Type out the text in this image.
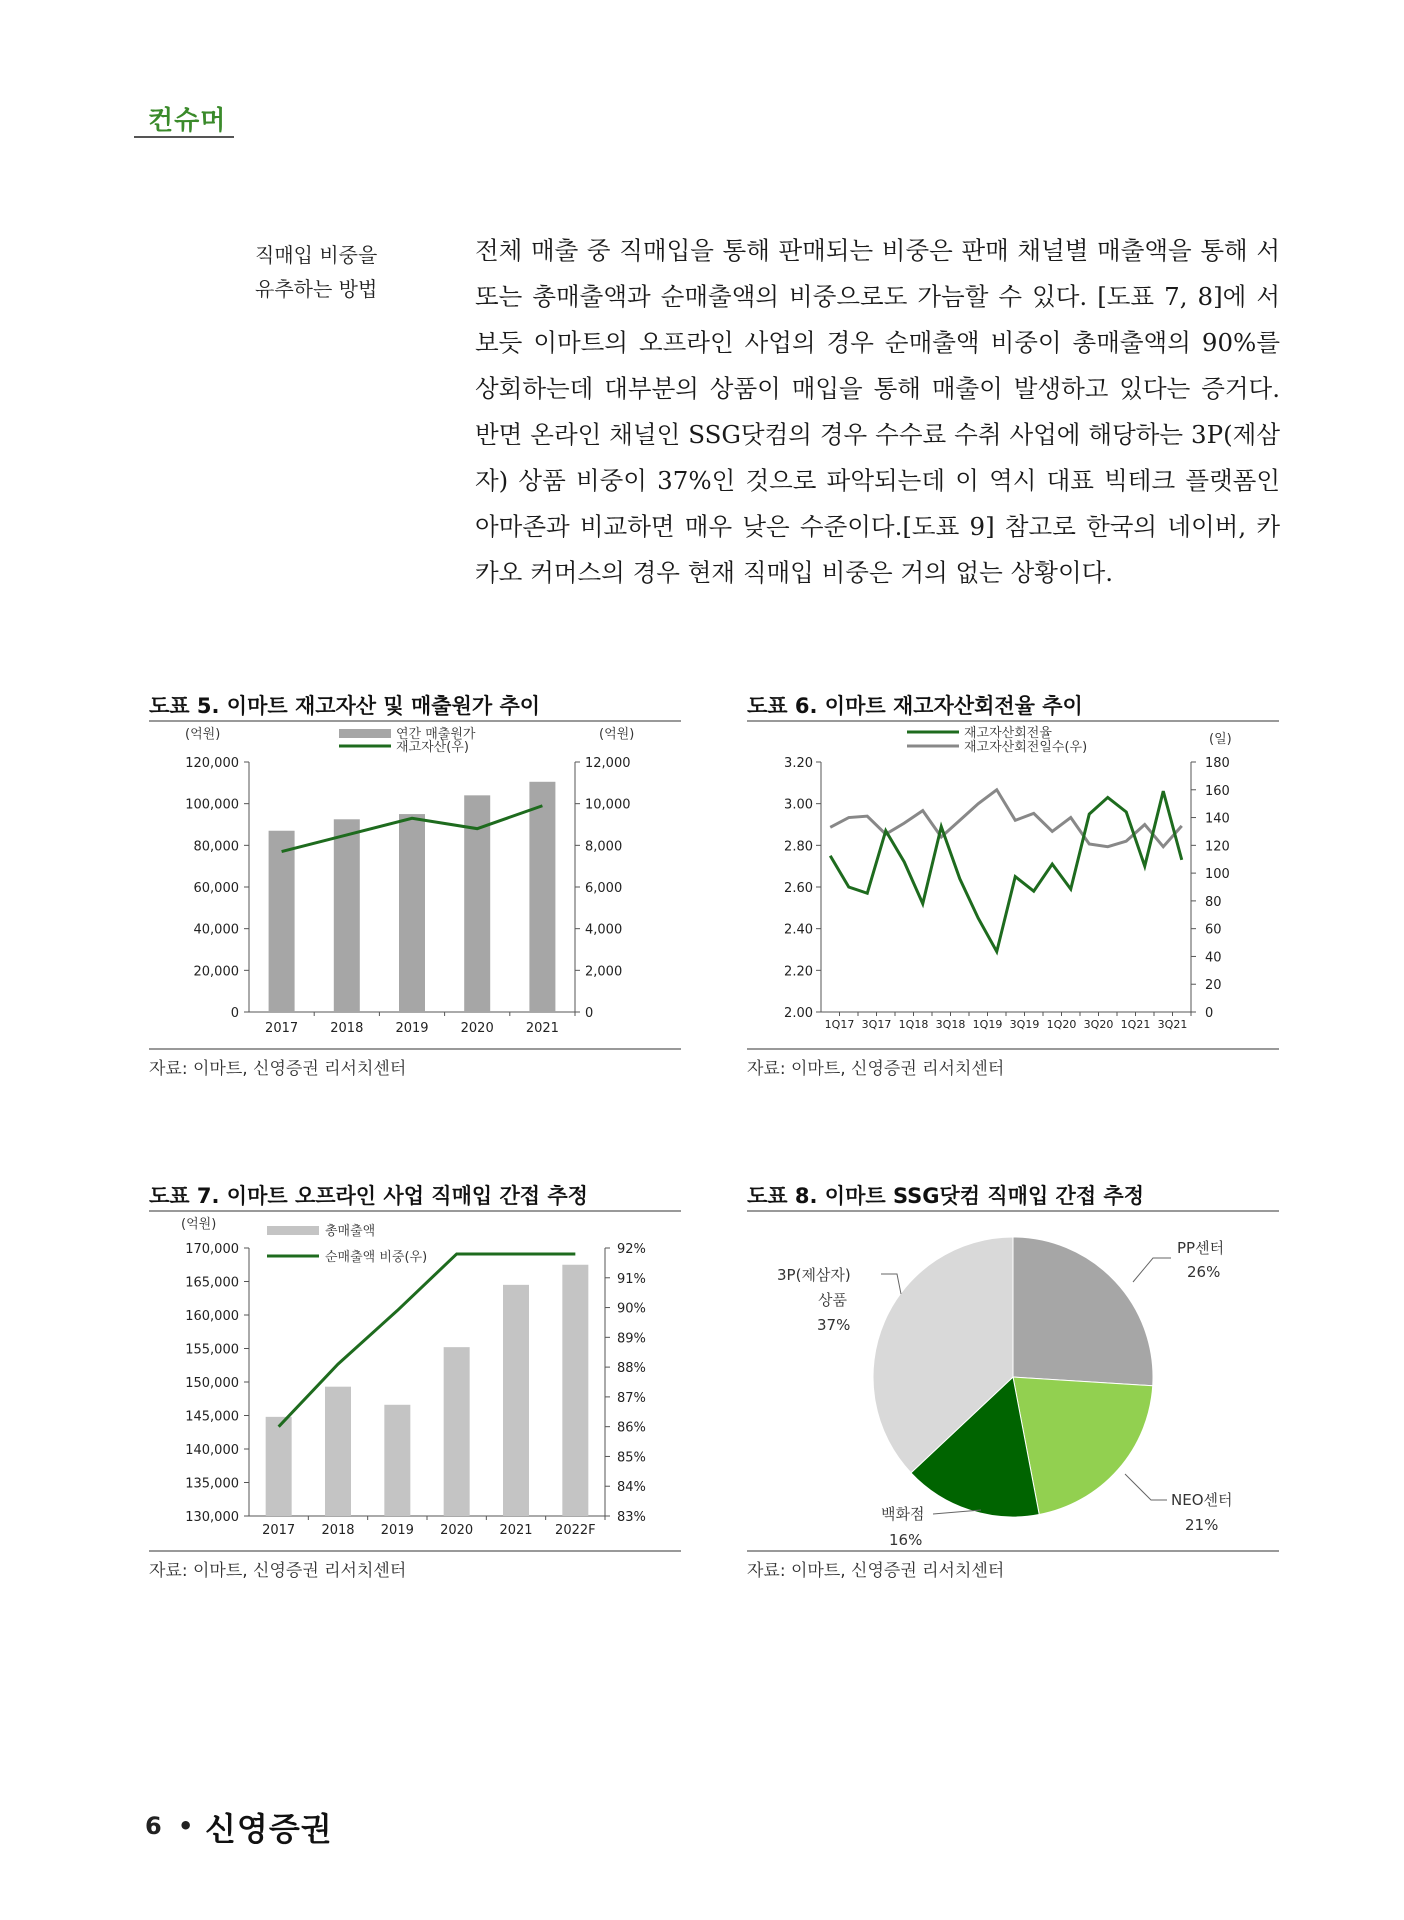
컨슈머
직매입 비중을
유추하는 방법

전체 매출 중 직매입을 통해 판매되는 비중은 판매 채널별 매출액을 통해 서 또는 총매출액과 순매출액의 비중으로도 가늠할 수 있다. [도표 7, 8]에 서 보듯 이마트의 오프라인 사업의 경우 순매출액 비중이 총매출액의 90%를 상회하는데 대부분의 상품이 매입을 통해 매출이 발생하고 있다는 증거다. 반면 온라인 채널인 SSG닷컴의 경우 수수료 수취 사업에 해당하는 3P(제삼자) 상품 비중이 37%인 것으로 파악되는데 이 역시 대표 빅테크 플랫폼인 아마존과 비교하면 매우 낮은 수준이다.[도표 9] 참고로 한국의 네이버, 카카오 커머스의 경우 현재 직매입 비중은 거의 없는 상황이다.

도표 5. 이마트 재고자산 및 매출원가 추이
(억원)	(억원)
연간 매출원가
재고자산(우)
0
20,000
40,000
60,000
80,000
100,000
120,000
0
2,000
4,000
6,000
8,000
10,000
12,000
2017 2018 2019 2020 2021
자료: 이마트, 신영증권 리서치센터
도표 6. 이마트 재고자산회전율 추이
재고자산회전율
재고자산회전일수(우)
(일)
2.00
2.20
2.40
2.60
2.80
3.00
3.20
0
20
40
60
80
100
120
140
160
180
1Q17 3Q17 1Q18 3Q18 1Q19 3Q19 1Q20 3Q20 1Q21 3Q21
자료: 이마트, 신영증권 리서치센터
도표 7. 이마트 오프라인 사업 직매입 간접 추정
(억원)	총매출액
순매출액 비중(우)
130,000
135,000
140,000
145,000
150,000
155,000
160,000
165,000
170,000
83%
84%
85%
86%
87%
88%
89%
90%
91%
92%
2017 2018 2019 2020 2021 2022F
자료: 이마트, 신영증권 리서치센터
도표 8. 이마트 SSG닷컴 직매입 간접 추정
PP센터
26%
NEO센터
21%
백화점
16%
3P(제삼자)
상품
37%
자료: 이마트, 신영증권 리서치센터
6 • 신영증권
